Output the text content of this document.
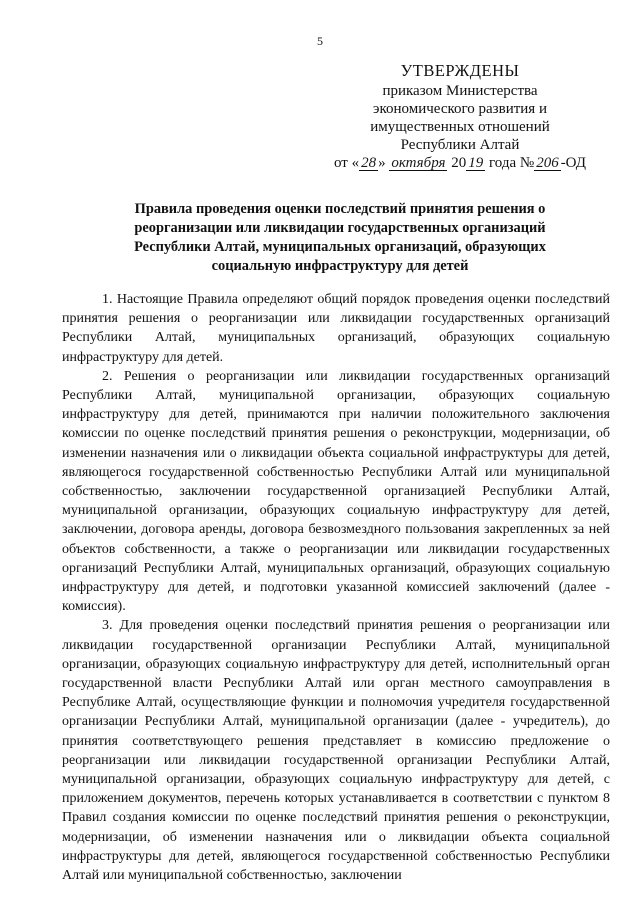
5
УТВЕРЖДЕНЫ
приказом Министерства
экономического развития и
имущественных отношений
Республики Алтай
от « 28 » октября 20 19 года № 206 -ОД
Правила проведения оценки последствий принятия решения о реорганизации или ликвидации государственных организаций Республики Алтай, муниципальных организаций, образующих социальную инфраструктуру для детей

1. Настоящие Правила определяют общий порядок проведения оценки последствий принятия решения о реорганизации или ликвидации государственных организаций Республики Алтай, муниципальных организаций, образующих социальную инфраструктуру для детей.

2. Решения о реорганизации или ликвидации государственных организаций Республики Алтай, муниципальной организации, образующих социальную инфраструктуру для детей, принимаются при наличии положительного заключения комиссии по оценке последствий принятия решения о реконструкции, модернизации, об изменении назначения или о ликвидации объекта социальной инфраструктуры для детей, являющегося государственной собственностью Республики Алтай или муниципальной собственностью, заключении государственной организацией Республики Алтай, муниципальной организации, образующих социальную инфраструктуру для детей, заключении, договора аренды, договора безвозмездного пользования закрепленных за ней объектов собственности, а также о реорганизации или ликвидации государственных организаций Республики Алтай, муниципальных организаций, образующих социальную инфраструктуру для детей, и подготовки указанной комиссией заключений (далее - комиссия).

3. Для проведения оценки последствий принятия решения о реорганизации или ликвидации государственной организации Республики Алтай, муниципальной организации, образующих социальную инфраструктуру для детей, исполнительный орган государственной власти Республики Алтай или орган местного самоуправления в Республике Алтай, осуществляющие функции и полномочия учредителя государственной организации Республики Алтай, муниципальной организации (далее - учредитель), до принятия соответствующего решения представляет в комиссию предложение о реорганизации или ликвидации государственной организации Республики Алтай, муниципальной организации, образующих социальную инфраструктуру для детей, с приложением документов, перечень которых устанавливается в соответствии с пунктом 8 Правил создания комиссии по оценке последствий принятия решения о реконструкции, модернизации, об изменении назначения или о ликвидации объекта социальной инфраструктуры для детей, являющегося государственной собственностью Республики Алтай или муниципальной собственностью, заключении
